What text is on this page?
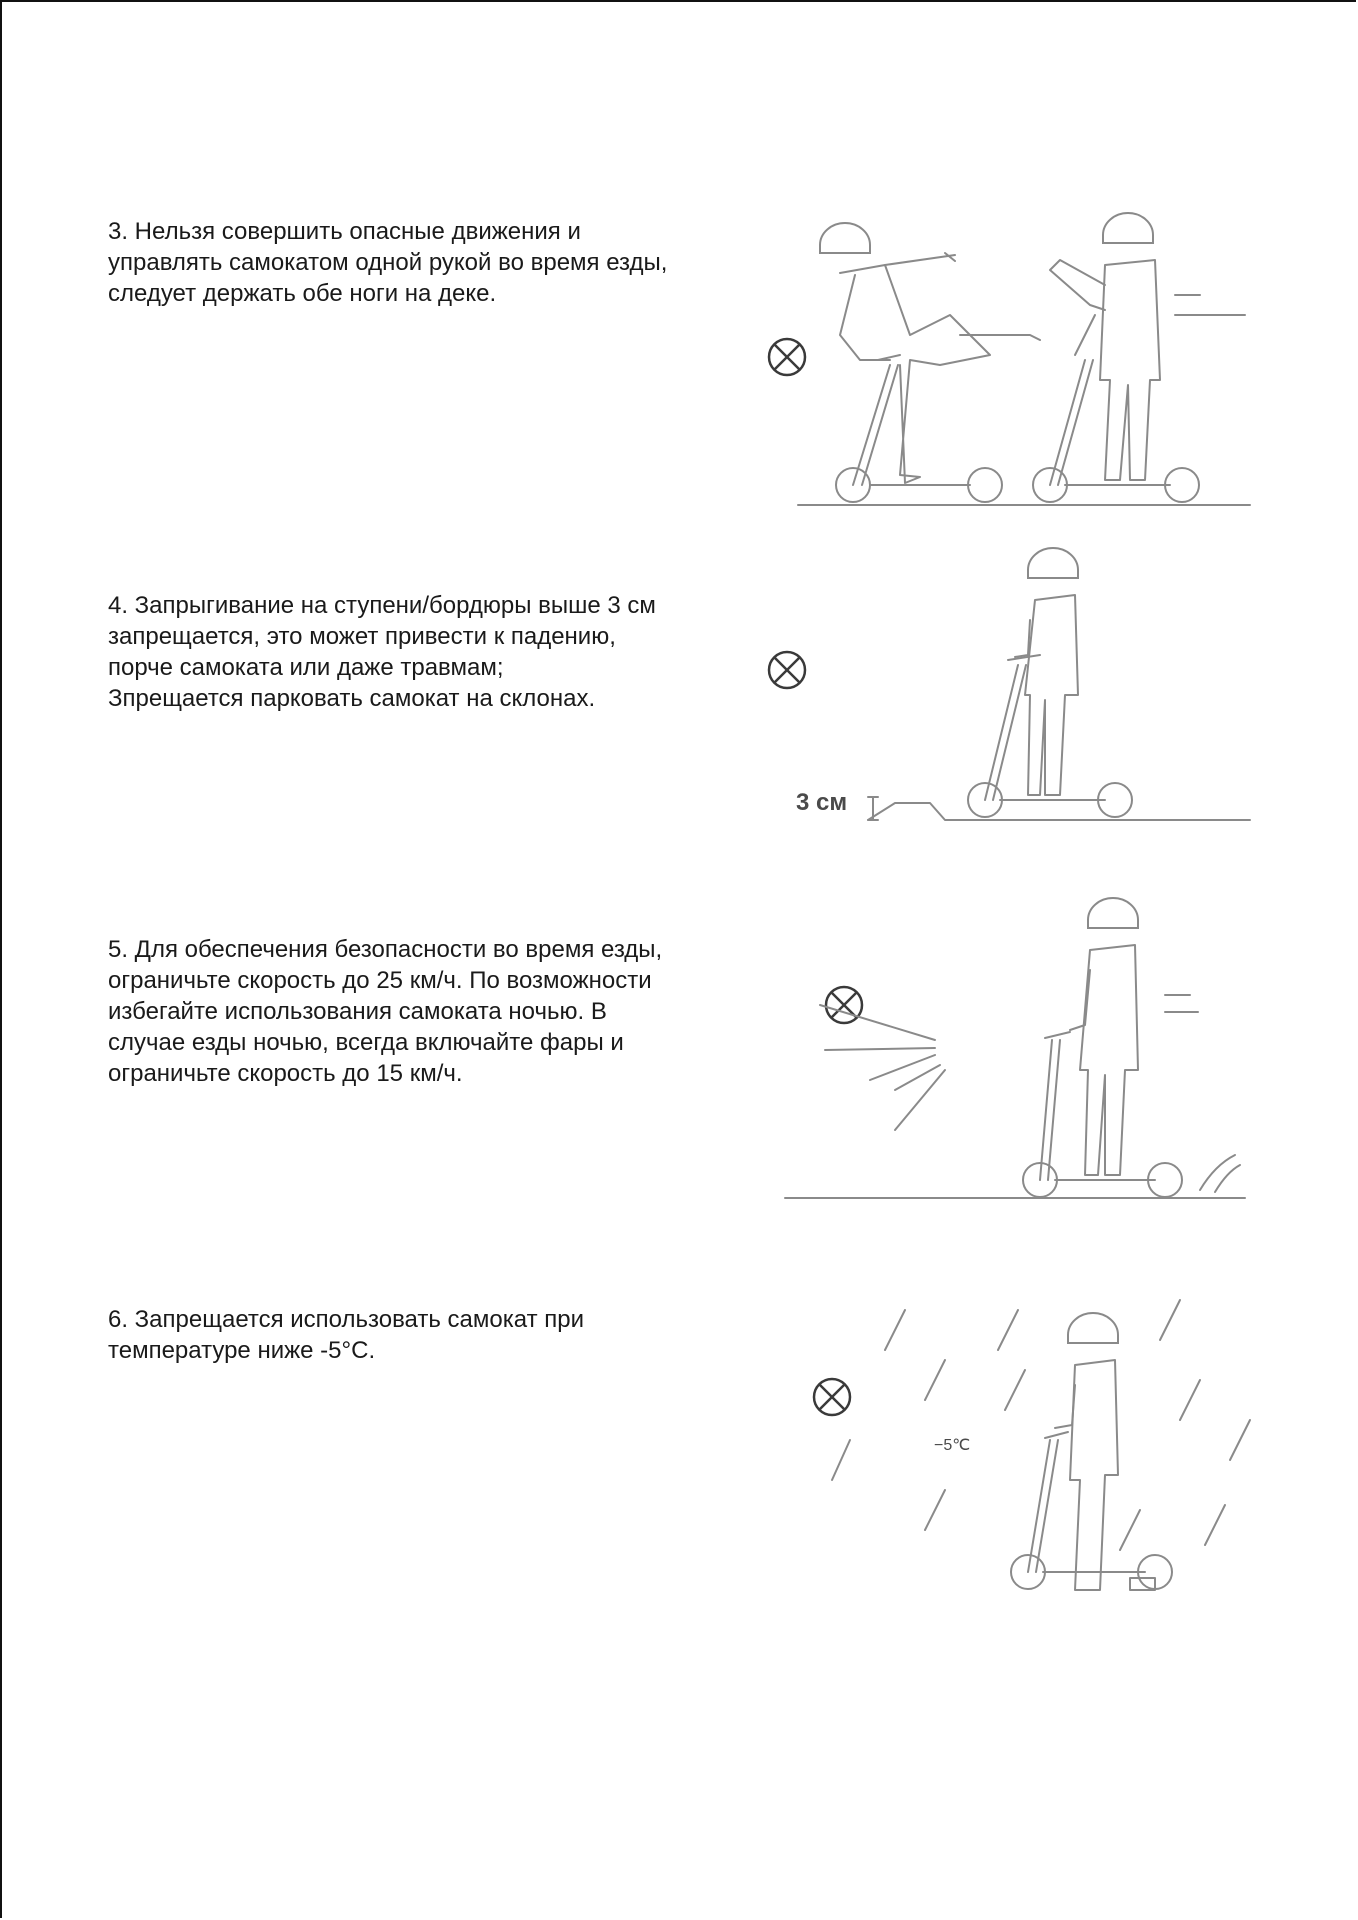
3. Нельзя совершить опасные движения и
управлять самокатом одной рукой во время езды,
следует держать обе ноги на деке.
4. Запрыгивание на ступени/бордюры выше 3 см
запрещается, это может привести к падению,
порче самоката или даже травмам;
Зпрещается парковать самокат на склонах.
3 см
5. Для обеспечения безопасности во время езды,
ограничьте скорость до 25 км/ч. По возможности
избегайте использования самоката ночью. В
случае езды ночью, всегда включайте фары и
ограничьте скорость до 15 км/ч.
6. Запрещается использовать самокат при
температуре ниже -5°С.
−5℃
